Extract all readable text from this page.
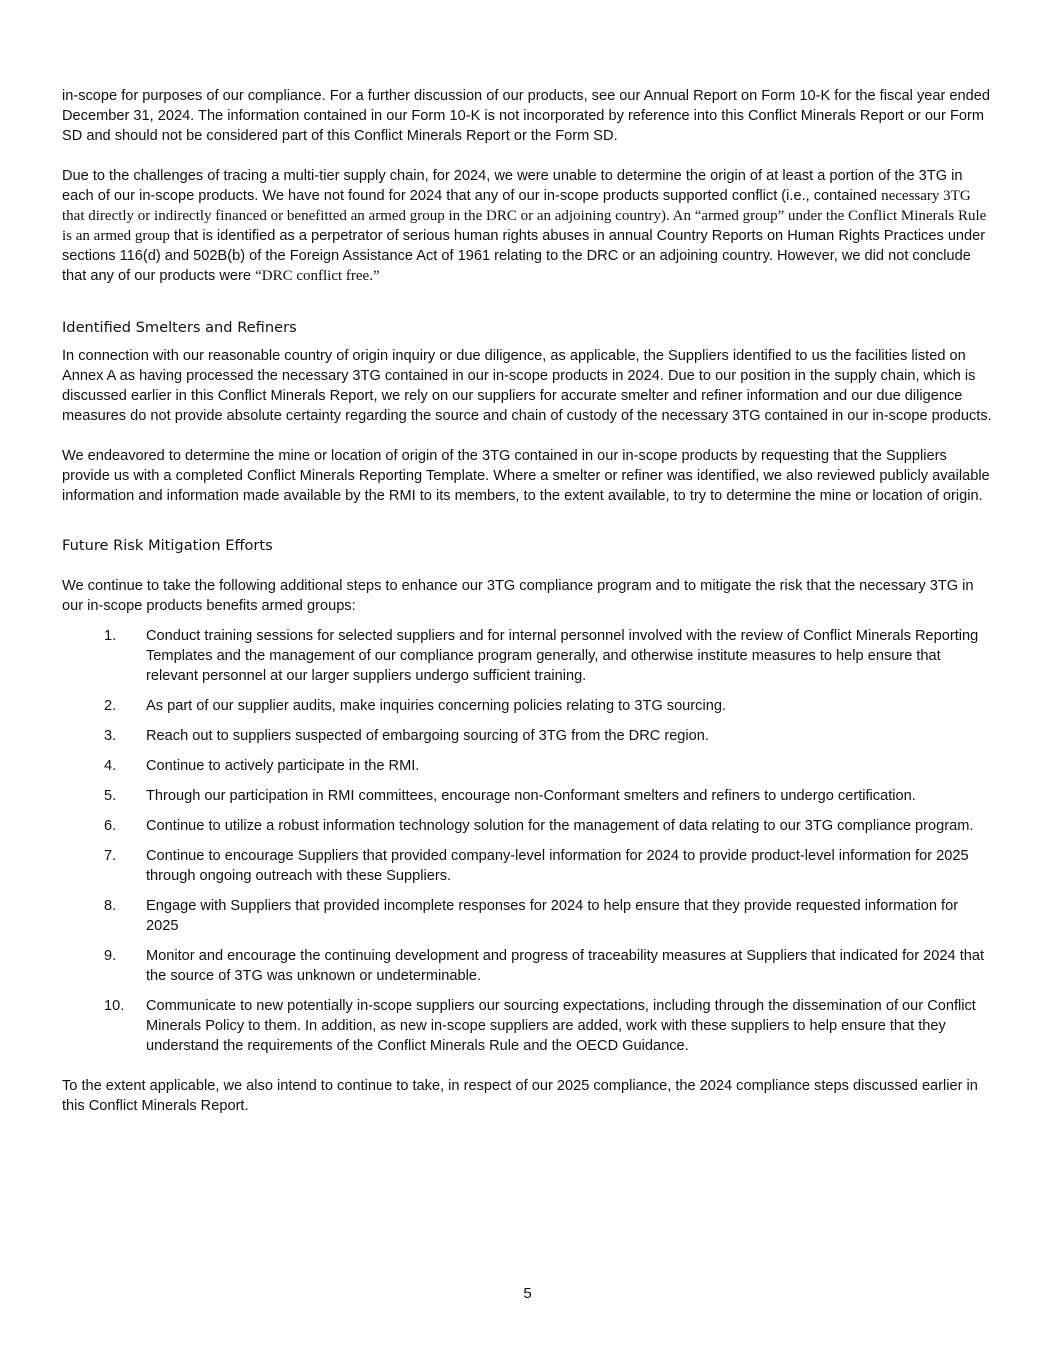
in-scope for purposes of our compliance. For a further discussion of our products, see our Annual Report on Form 10-K for the fiscal year ended December 31, 2024. The information contained in our Form 10-K is not incorporated by reference into this Conflict Minerals Report or our Form SD and should not be considered part of this Conflict Minerals Report or the Form SD.

Due to the challenges of tracing a multi-tier supply chain, for 2024, we were unable to determine the origin of at least a portion of the 3TG in each of our in-scope products. We have not found for 2024 that any of our in-scope products supported conflict (i.e., contained necessary 3TG that directly or indirectly financed or benefitted an armed group in the DRC or an adjoining country). An “armed group” under the Conflict Minerals Rule is an armed group that is identified as a perpetrator of serious human rights abuses in annual Country Reports on Human Rights Practices under sections 116(d) and 502B(b) of the Foreign Assistance Act of 1961 relating to the DRC or an adjoining country. However, we did not conclude that any of our products were “DRC conflict free.”

Identified Smelters and Refiners

In connection with our reasonable country of origin inquiry or due diligence, as applicable, the Suppliers identified to us the facilities listed on Annex A as having processed the necessary 3TG contained in our in-scope products in 2024. Due to our position in the supply chain, which is discussed earlier in this Conflict Minerals Report, we rely on our suppliers for accurate smelter and refiner information and our due diligence measures do not provide absolute certainty regarding the source and chain of custody of the necessary 3TG contained in our in-scope products.

We endeavored to determine the mine or location of origin of the 3TG contained in our in-scope products by requesting that the Suppliers provide us with a completed Conflict Minerals Reporting Template. Where a smelter or refiner was identified, we also reviewed publicly available information and information made available by the RMI to its members, to the extent available, to try to determine the mine or location of origin.

Future Risk Mitigation Efforts

We continue to take the following additional steps to enhance our 3TG compliance program and to mitigate the risk that the necessary 3TG in our in-scope products benefits armed groups:

1. Conduct training sessions for selected suppliers and for internal personnel involved with the review of Conflict Minerals Reporting Templates and the management of our compliance program generally, and otherwise institute measures to help ensure that relevant personnel at our larger suppliers undergo sufficient training.
2. As part of our supplier audits, make inquiries concerning policies relating to 3TG sourcing.
3. Reach out to suppliers suspected of embargoing sourcing of 3TG from the DRC region.
4. Continue to actively participate in the RMI.
5. Through our participation in RMI committees, encourage non-Conformant smelters and refiners to undergo certification.
6. Continue to utilize a robust information technology solution for the management of data relating to our 3TG compliance program.
7. Continue to encourage Suppliers that provided company-level information for 2024 to provide product-level information for 2025 through ongoing outreach with these Suppliers.
8. Engage with Suppliers that provided incomplete responses for 2024 to help ensure that they provide requested information for 2025
9. Monitor and encourage the continuing development and progress of traceability measures at Suppliers that indicated for 2024 that the source of 3TG was unknown or undeterminable.
10. Communicate to new potentially in-scope suppliers our sourcing expectations, including through the dissemination of our Conflict Minerals Policy to them. In addition, as new in-scope suppliers are added, work with these suppliers to help ensure that they understand the requirements of the Conflict Minerals Rule and the OECD Guidance.

To the extent applicable, we also intend to continue to take, in respect of our 2025 compliance, the 2024 compliance steps discussed earlier in this Conflict Minerals Report.

5
